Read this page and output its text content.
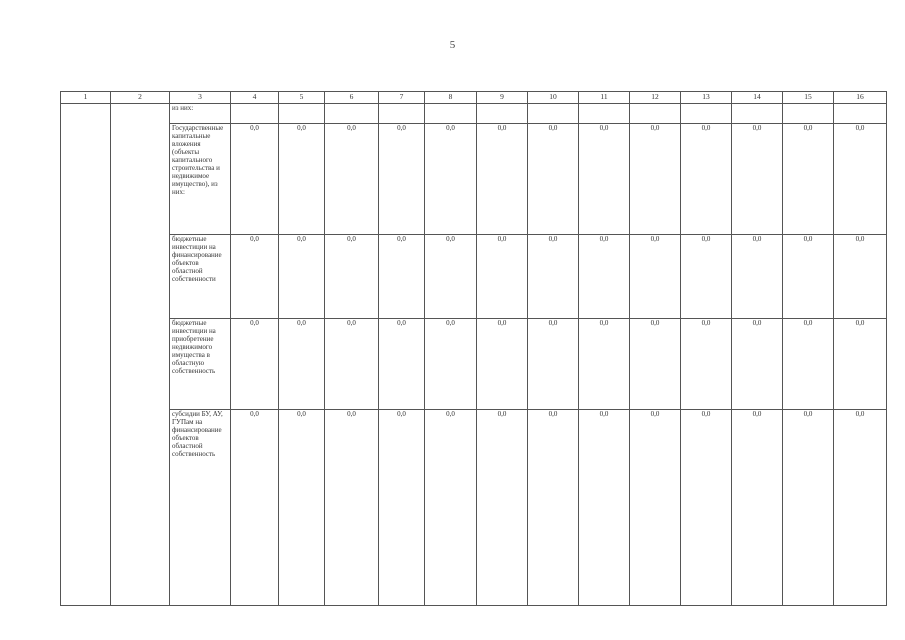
5
1	2	3	4	5	6	7	8	9	10	11	12	13	14	15	16
		из них:													
		Государственные капитальные вложения (объекты капитального строительства и недвижимое имущество), из них:	0,0	0,0	0,0	0,0	0,0	0,0	0,0	0,0	0,0	0,0	0,0	0,0	0,0
		бюджетные инвестиции на финансирование объектов областной собственности	0,0	0,0	0,0	0,0	0,0	0,0	0,0	0,0	0,0	0,0	0,0	0,0	0,0
		бюджетные инвестиции на приобретение недвижимого имущества в областную собственность	0,0	0,0	0,0	0,0	0,0	0,0	0,0	0,0	0,0	0,0	0,0	0,0	0,0
		субсидии БУ, АУ, ГУПам на финансирование объектов областной собственность	0,0	0,0	0,0	0,0	0,0	0,0	0,0	0,0	0,0	0,0	0,0	0,0	0,0
